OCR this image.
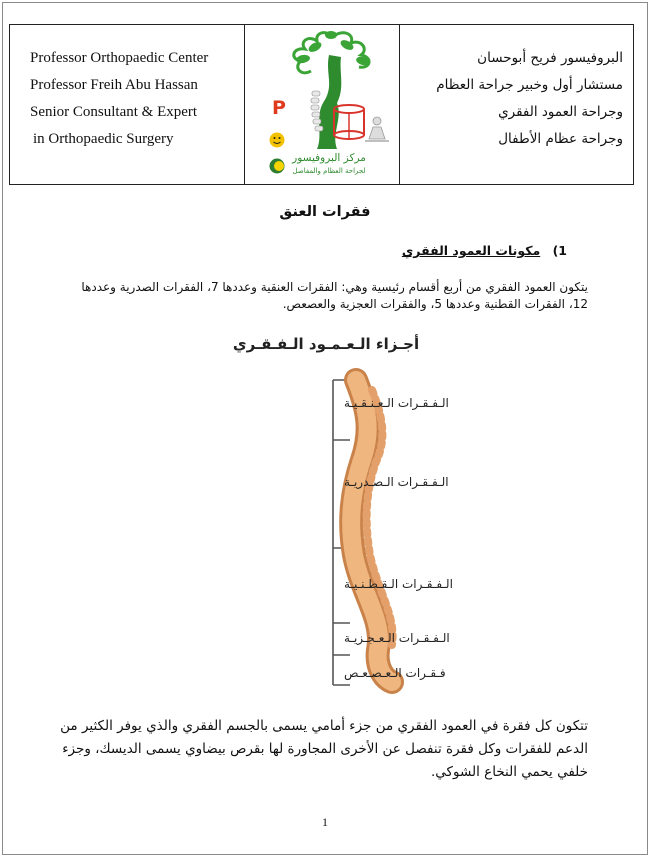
Professor Orthopaedic Center
Professor Freih Abu Hassan
Senior Consultant & Expert
in Orthopaedic Surgery
P
مركز البروفيسور
لجراحة العظام والمفاصل
البروفيسور فريح أبوحسان
مستشار أول وخبير جراحة العظام
وجراحة العمود الفقري
وجراحة عظام الأطفال
فقرات العنق
1) مكونات العمود الفقري
يتكون العمود الفقري من أربع أقسام رئيسية وهي: الفقرات العنقية وعددها 7، الفقرات الصدرية وعددها 12، الفقرات القطنية وعددها 5، والفقرات العجزية والعصعص.
أجـزاء الـعـمـود الـفـقـري
الـفـقـرات الـعـنـقـيـة
الـفـقـرات الـصـدريـة
الـفـقـرات الـقـطـنـيـة
الـفـقـرات الـعـجـزيـة
فـقـرات الـعـصـعـص
تتكون كل فقرة في العمود الفقري من جزء أمامي يسمى بالجسم الفقري والذي يوفر الكثير من الدعم للفقرات وكل فقرة تنفصل عن الأخرى المجاورة لها بقرص بيضاوي يسمى الديسك، وجزء خلفي يحمي النخاع الشوكي.
1
